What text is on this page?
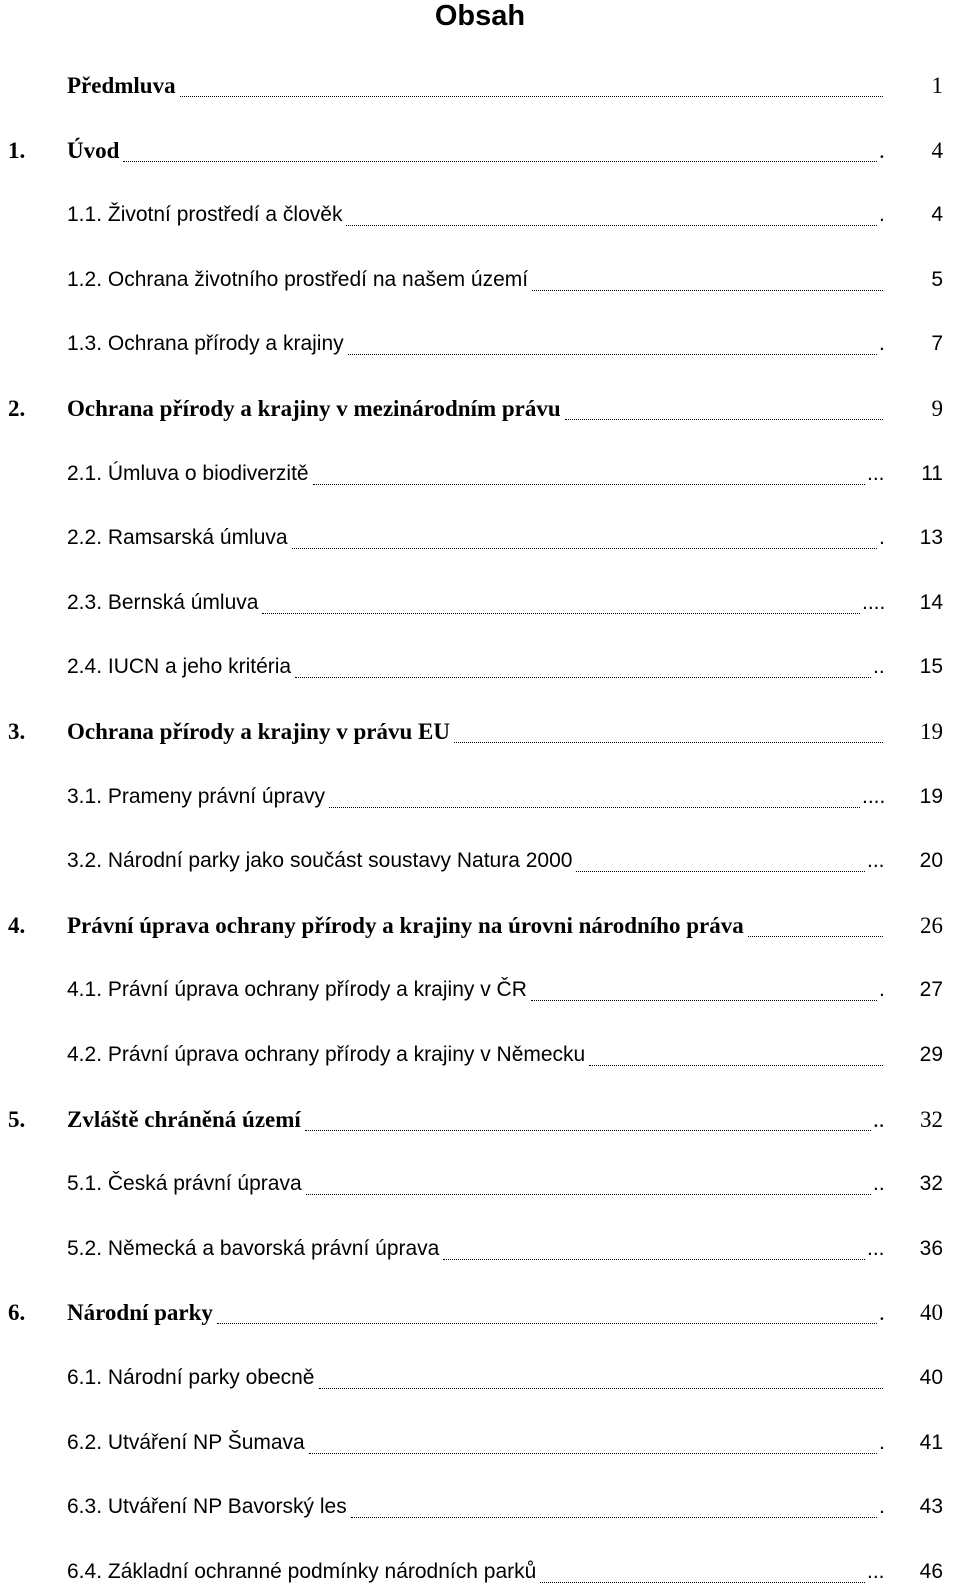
Obsah
Předmluva	1
1. Úvod	4
.
1.1. Životní prostředí a člověk	4
.
1.2. Ochrana životního prostředí na našem území	5
1.3. Ochrana přírody a krajiny	7
.
2. Ochrana přírody a krajiny v mezinárodním právu	9
2.1. Úmluva o biodiverzitě	11
...
2.2. Ramsarská úmluva	13
.
2.3. Bernská úmluva	14
....
2.4. IUCN a jeho kritéria	15
..
3. Ochrana přírody a krajiny v právu EU	19
3.1. Prameny právní úpravy	19
....
3.2. Národní parky jako součást soustavy Natura 2000	20
...
4. Právní úprava ochrany přírody a krajiny na úrovni národního práva	26
4.1. Právní úprava ochrany přírody a krajiny v ČR	27
.
4.2. Právní úprava ochrany přírody a krajiny v Německu	29
5. Zvláště chráněná území	32
..
5.1. Česká právní úprava	32
..
5.2. Německá a bavorská právní úprava	36
...
6. Národní parky	40
.
6.1. Národní parky obecně	40
6.2. Utváření NP Šumava	41
.
6.3. Utváření NP Bavorský les	43
.
6.4. Základní ochranné podmínky národních parků	46
...
